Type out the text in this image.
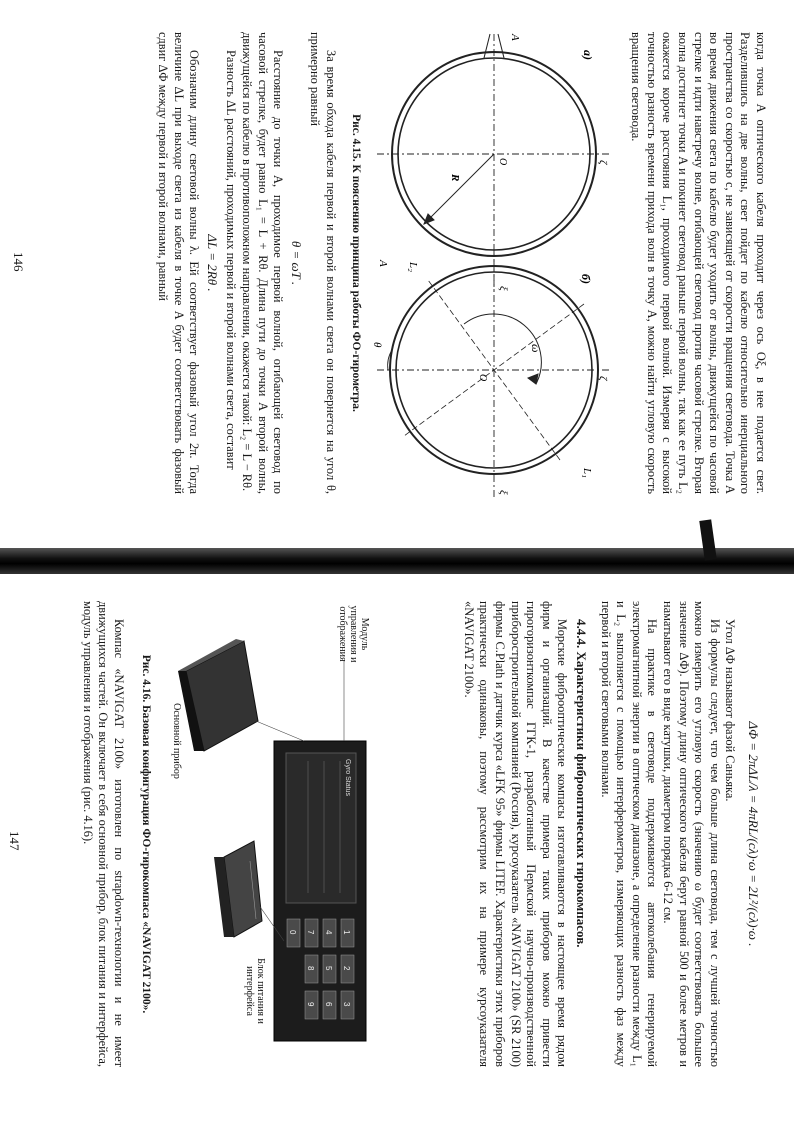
когда точка A оптического кабеля проходит через ось Oξ, в нее подается свет. Разделившись на две волны, свет пойдет по кабелю относительно инерциального пространства со скоростью c, не зависящей от скорости вращения световода. Точка A во время движения света по кабелю будет уходить от волны, движущейся по часовой стрелке и идти навстречу волне, огибающей световод против часовой стрелке. Вторая волна достигнет точки A и покинет световод раньше первой волны, так как ее путь L₂ окажется короче расстояния L₁, проходимого первой волной. Измеряя с высокой точностью разность времени прихода волн в точку A, можно найти угловую скорость вращения световода.

а)
A
ξ
ζ
O
R
б)
ξ
ζ
O
ω
θ
A
L₁
L₂
Рис. 4.15. К пояснению принципа работы ФО-гирометра.

За время обхода кабеля первой и второй волнами света он повернется на угол θ, примерно равный

θ = ωT .

Расстояние до точки A, проходимое первой волной, огибающей световод по часовой стрелке, будет равно L₁ = L + Rθ. Длина пути до точки A второй волны, движущейся по кабелю в противоположном направлении, окажется такой: L₂ = L − Rθ.

Разность ΔL расстояний, проходимых первой и второй волнами света, составит

ΔL = 2Rθ .

Обозначим длину световой волны λ. Ей соответствует фазовый угол 2π. Тогда величине ΔL при выходе света из кабеля в точке A будет соответствовать фазовый сдвиг ΔΦ между первой и второй волнами, равный

146
ΔΦ = 2πΔL/λ = 4πRL/(cλ)·ω = 2L²/(cλ)·ω .

Угол ΔΦ называют фазой Саньяка.

Из формулы следует, что чем больше длина световода, тем с лучшей точностью можно измерить его угловую скорость (значению ω будет соответствовать большее значение ΔΦ). Поэтому длину оптического кабеля берут равной 500 и более метров и наматывают его в виде катушки, диаметром порядка 6-12 см.

На практике в световоде поддерживаются автоколебания генерируемой электромагнитной энергии в оптическом диапазоне, а определение разности между L₁ и L₂ выполняется с помощью интерферометров, измеряющих разность фаз между первой и второй световыми волнами.

4.4.4. Характеристики фиброоптических гирокомпасов.

Морские фиброоптические компасы изготавливаются в настоящее время рядом фирм и организаций. В качестве примера таких приборов можно привести гирогоризонткомпас ГГК-1, разработанный Пермской научно-производственной приборостроительной компанией (Россия), курсоуказатель «NAVIGAT 2100» (SR 2100) фирмы C.Plath и датчик курса «LFK 95» фирмы LITEF. Характеристики этих приборов практически одинаковы, поэтому рассмотрим их на примере курсоуказателя «NAVIGAT 2100».

1
2
3
4
5
6
7
8
9
0
Gyro Status
Модуль управления и отображения
Блок питания и интерфейса
Основной прибор
Рис. 4.16. Базовая конфигурация ФО-гирокомпаса «NAVIGAT 2100».

Компас «NAVIGAT 2100» изготовлен по strapdown-технологии и не имеет движущихся частей. Он включает в себя основной прибор, блок питания и интерфейса, модуль управления и отображения (рис. 4.16).

147
